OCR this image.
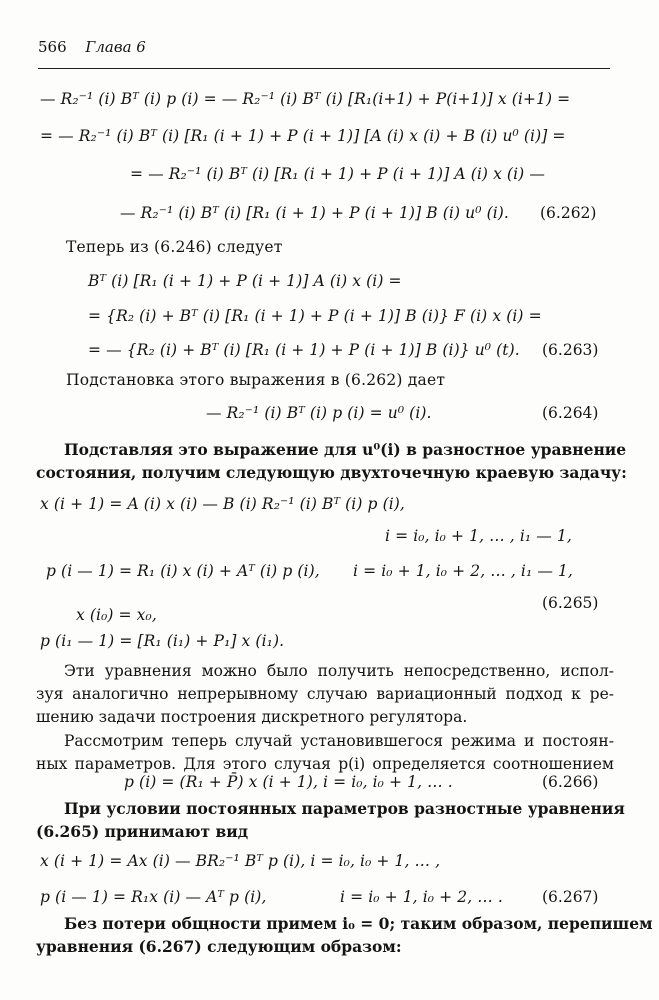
566 Глава 6
— R₂⁻¹ (i) Bᵀ (i) p (i) = — R₂⁻¹ (i) Bᵀ (i) [R₁(i+1) + P(i+1)] x (i+1) =
= — R₂⁻¹ (i) Bᵀ (i) [R₁ (i + 1) + P (i + 1)] [A (i) x (i) + B (i) u⁰ (i)] =
= — R₂⁻¹ (i) Bᵀ (i) [R₁ (i + 1) + P (i + 1)] A (i) x (i) —
— R₂⁻¹ (i) Bᵀ (i) [R₁ (i + 1) + P (i + 1)] B (i) u⁰ (i). (6.262)
Теперь из (6.246) следует
Bᵀ (i) [R₁ (i + 1) + P (i + 1)] A (i) x (i) =
= {R₂ (i) + Bᵀ (i) [R₁ (i + 1) + P (i + 1)] B (i)} F (i) x (i) =
= — {R₂ (i) + Bᵀ (i) [R₁ (i + 1) + P (i + 1)] B (i)} u⁰ (t). (6.263)
Подстановка этого выражения в (6.262) дает
— R₂⁻¹ (i) Bᵀ (i) p (i) = u⁰ (i).	(6.264)
Подставляя это выражение для u⁰(i) в разностное уравнение
состояния, получим следующую двухточечную краевую задачу:
x (i + 1) = A (i) x (i) — B (i) R₂⁻¹ (i) Bᵀ (i) p (i),
i = i₀, i₀ + 1, … , i₁ — 1,
p (i — 1) = R₁ (i) x (i) + Aᵀ (i) p (i), i = i₀ + 1, i₀ + 2, … , i₁ — 1,
(6.265)
x (i₀) = x₀,
p (i₁ — 1) = [R₁ (i₁) + P₁] x (i₁).
Эти уравнения можно было получить непосредственно, испол-
зуя аналогично непрерывному случаю вариационный подход к ре-
шению задачи построения дискретного регулятора.
Рассмотрим теперь случай установившегося режима и постоян-
ных параметров. Для этого случая p(i) определяется соотношением
p (i) = (R₁ + P̄) x (i + 1), i = i₀, i₀ + 1, … .	(6.266)
При условии постоянных параметров разностные уравнения
(6.265) принимают вид
x (i + 1) = Ax (i) — BR₂⁻¹ Bᵀ p (i), i = i₀, i₀ + 1, … ,
p (i — 1) = R₁x (i) — Aᵀ p (i),	i = i₀ + 1, i₀ + 2, … .	(6.267)
Без потери общности примем i₀ = 0; таким образом, перепишем
уравнения (6.267) следующим образом:
